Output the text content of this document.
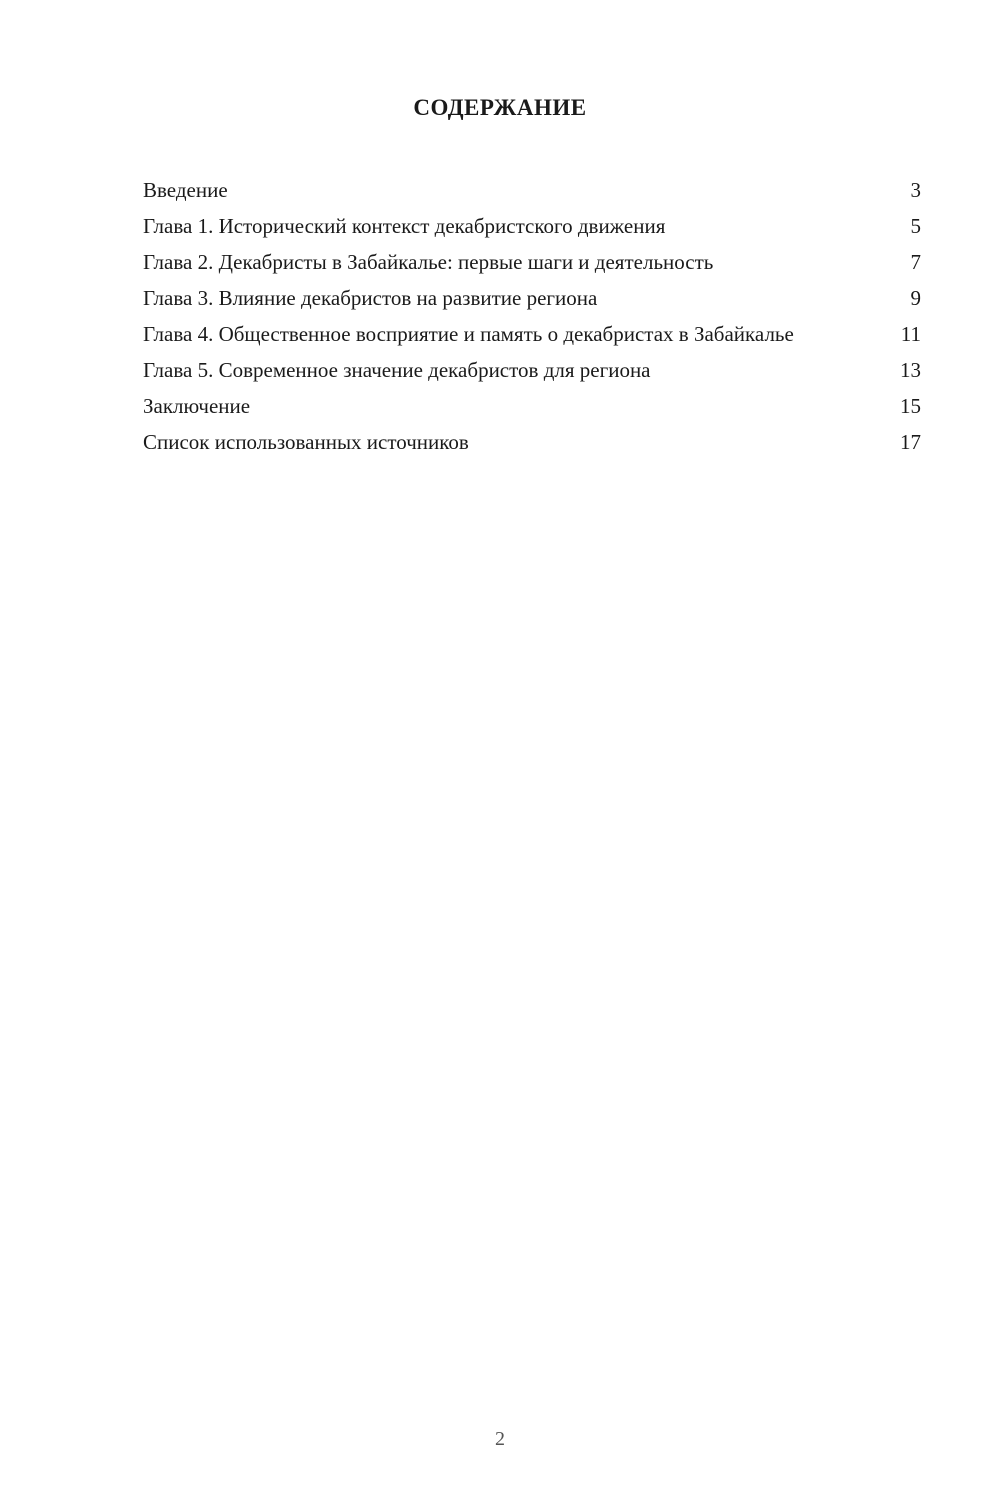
СОДЕРЖАНИЕ
Введение	3
Глава 1. Исторический контекст декабристского движения	5
Глава 2. Декабристы в Забайкалье: первые шаги и деятельность	7
Глава 3. Влияние декабристов на развитие региона	9
Глава 4. Общественное восприятие и память о декабристах в Забайкалье	11
Глава 5. Современное значение декабристов для региона	13
Заключение	15
Список использованных источников	17
2
